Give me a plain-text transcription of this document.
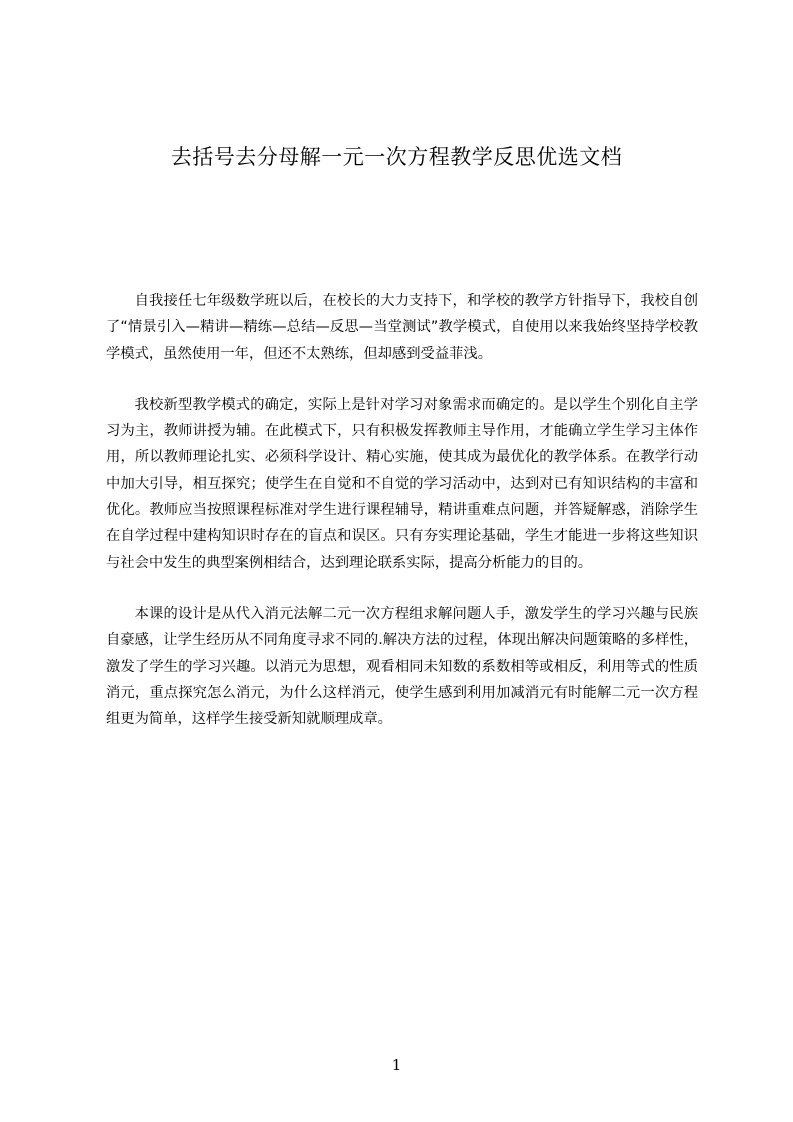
去括号去分母解一元一次方程教学反思优选文档

自我接任七年级数学班以后，在校长的大力支持下，和学校的教学方针指导下，我校自创了“情景引入—精讲—精练—总结—反思—当堂测试”教学模式，自使用以来我始终坚持学校教学模式，虽然使用一年，但还不太熟练，但却感到受益菲浅。

我校新型教学模式的确定，实际上是针对学习对象需求而确定的。是以学生个别化自主学习为主，教师讲授为辅。在此模式下，只有积极发挥教师主导作用，才能确立学生学习主体作用，所以教师理论扎实、必须科学设计、精心实施，使其成为最优化的教学体系。在教学行动中加大引导，相互探究；使学生在自觉和不自觉的学习活动中，达到对已有知识结构的丰富和优化。教师应当按照课程标准对学生进行课程辅导，精讲重难点问题，并答疑解惑，消除学生在自学过程中建构知识时存在的盲点和误区。只有夯实理论基础，学生才能进一步将这些知识与社会中发生的典型案例相结合，达到理论联系实际，提高分析能力的目的。

本课的设计是从代入消元法解二元一次方程组求解问题人手，激发学生的学习兴趣与民族自豪感，让学生经历从不同角度寻求不同的.解决方法的过程，体现出解决问题策略的多样性，激发了学生的学习兴趣。以消元为思想，观看相同未知数的系数相等或相反，利用等式的性质消元，重点探究怎么消元，为什么这样消元，使学生感到利用加减消元有时能解二元一次方程组更为简单，这样学生接受新知就顺理成章。

1
